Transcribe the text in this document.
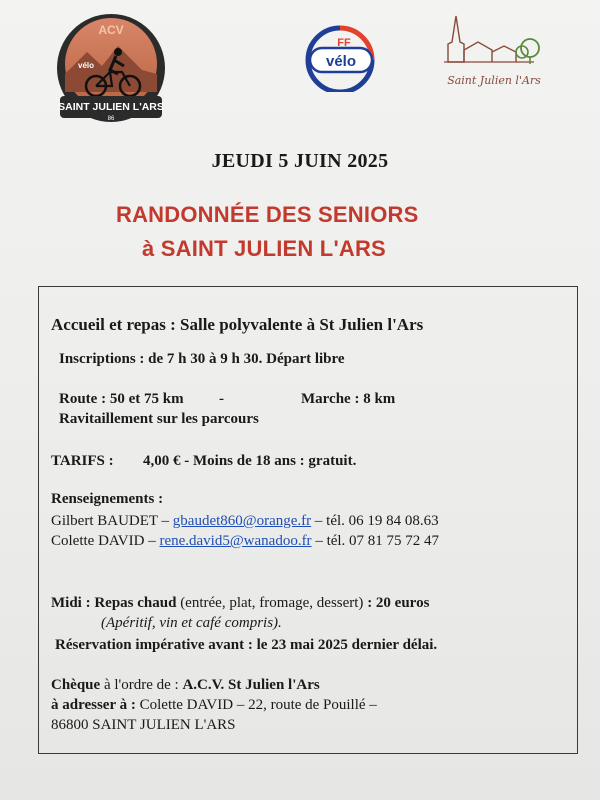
ACV
vélo
SAINT JULIEN L'ARS
86
FF
vélo
Saint Julien l'Ars
JEUDI 5 JUIN 2025
RANDONNÉE DES SENIORS
à SAINT JULIEN L'ARS
Accueil et repas : Salle polyvalente à St Julien l'Ars
Inscriptions : de 7 h 30 à 9 h 30. Départ libre
Route : 50 et 75 km -	Marche : 8 km
Ravitaillement sur les parcours
TARIFS : 4,00 € - Moins de 18 ans : gratuit.
Renseignements :
Gilbert BAUDET – gbaudet860@orange.fr – tél. 06 19 84 08.63
Colette DAVID – rene.david5@wanadoo.fr – tél. 07 81 75 72 47
Midi : Repas chaud (entrée, plat, fromage, dessert) : 20 euros
(Apéritif, vin et café compris).
Réservation impérative avant : le 23 mai 2025 dernier délai.
Chèque à l'ordre de : A.C.V. St Julien l'Ars
à adresser à : Colette DAVID – 22, route de Pouillé –
86800 SAINT JULIEN L'ARS
